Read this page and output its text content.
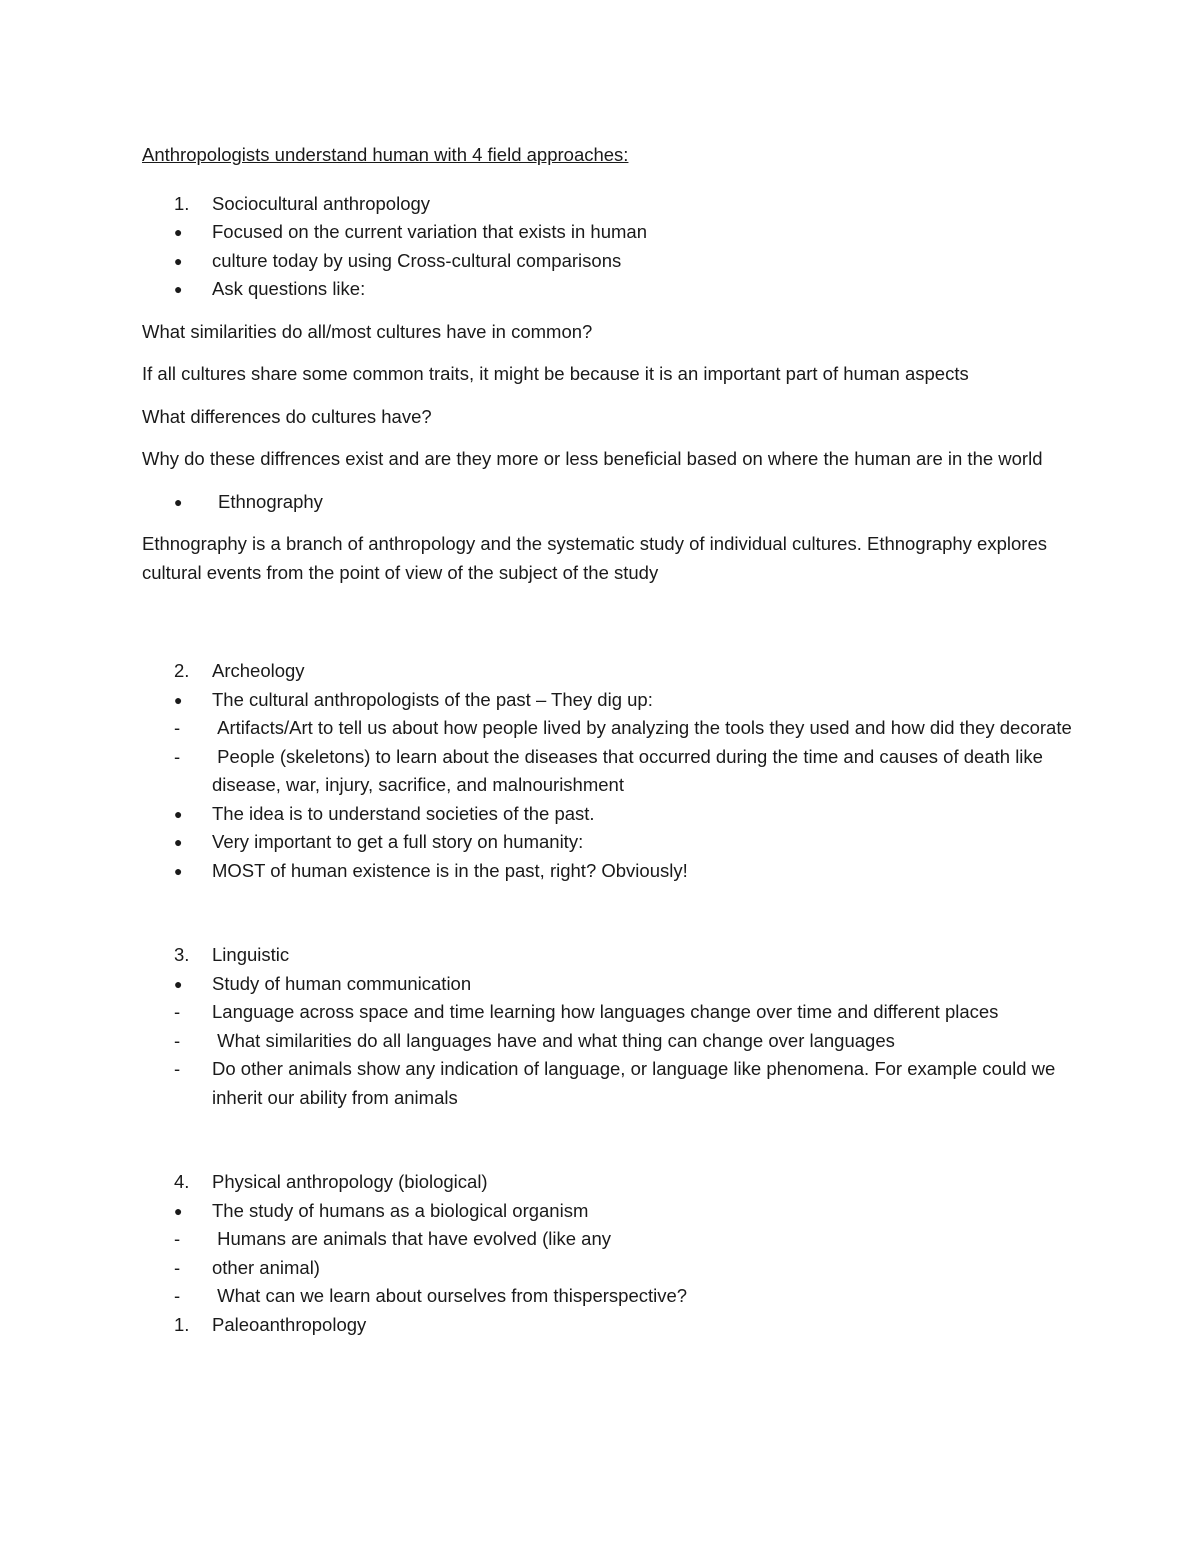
Anthropologists understand human with 4 field approaches:

1.	Sociocultural anthropology
●	Focused on the current variation that exists in human
●	culture today by using Cross-cultural comparisons
●	Ask questions like:

What similarities do all/most cultures have in common?

If all cultures share some common traits, it might be because it is an important part of human aspects

What differences do cultures have?

Why do these diffrences exist and are they more or less beneficial based on where the human are in the world

●	Ethnography

Ethnography is a branch of anthropology and the systematic study of individual cultures. Ethnography explores cultural events from the point of view of the subject of the study

2.	Archeology
●	The cultural anthropologists of the past – They dig up:
-	Artifacts/Art to tell us about how people lived by analyzing the tools they used and how did they decorate
-	People (skeletons) to learn about the diseases that occurred during the time and causes of death like disease, war, injury, sacrifice, and malnourishment
●	The idea is to understand societies of the past.
●	Very important to get a full story on humanity:
●	MOST of human existence is in the past, right? Obviously!
3.	Linguistic
●	Study of human communication
-	Language across space and time learning how languages change over time and different places
-	What similarities do all languages have and what thing can change over languages
-	Do other animals show any indication of language, or language like phenomena. For example could we inherit our ability from animals
4.	Physical anthropology (biological)
●	The study of humans as a biological organism
-	Humans are animals that have evolved (like any
-	other animal)
-	What can we learn about ourselves from thisperspective?
1.	Paleoanthropology
